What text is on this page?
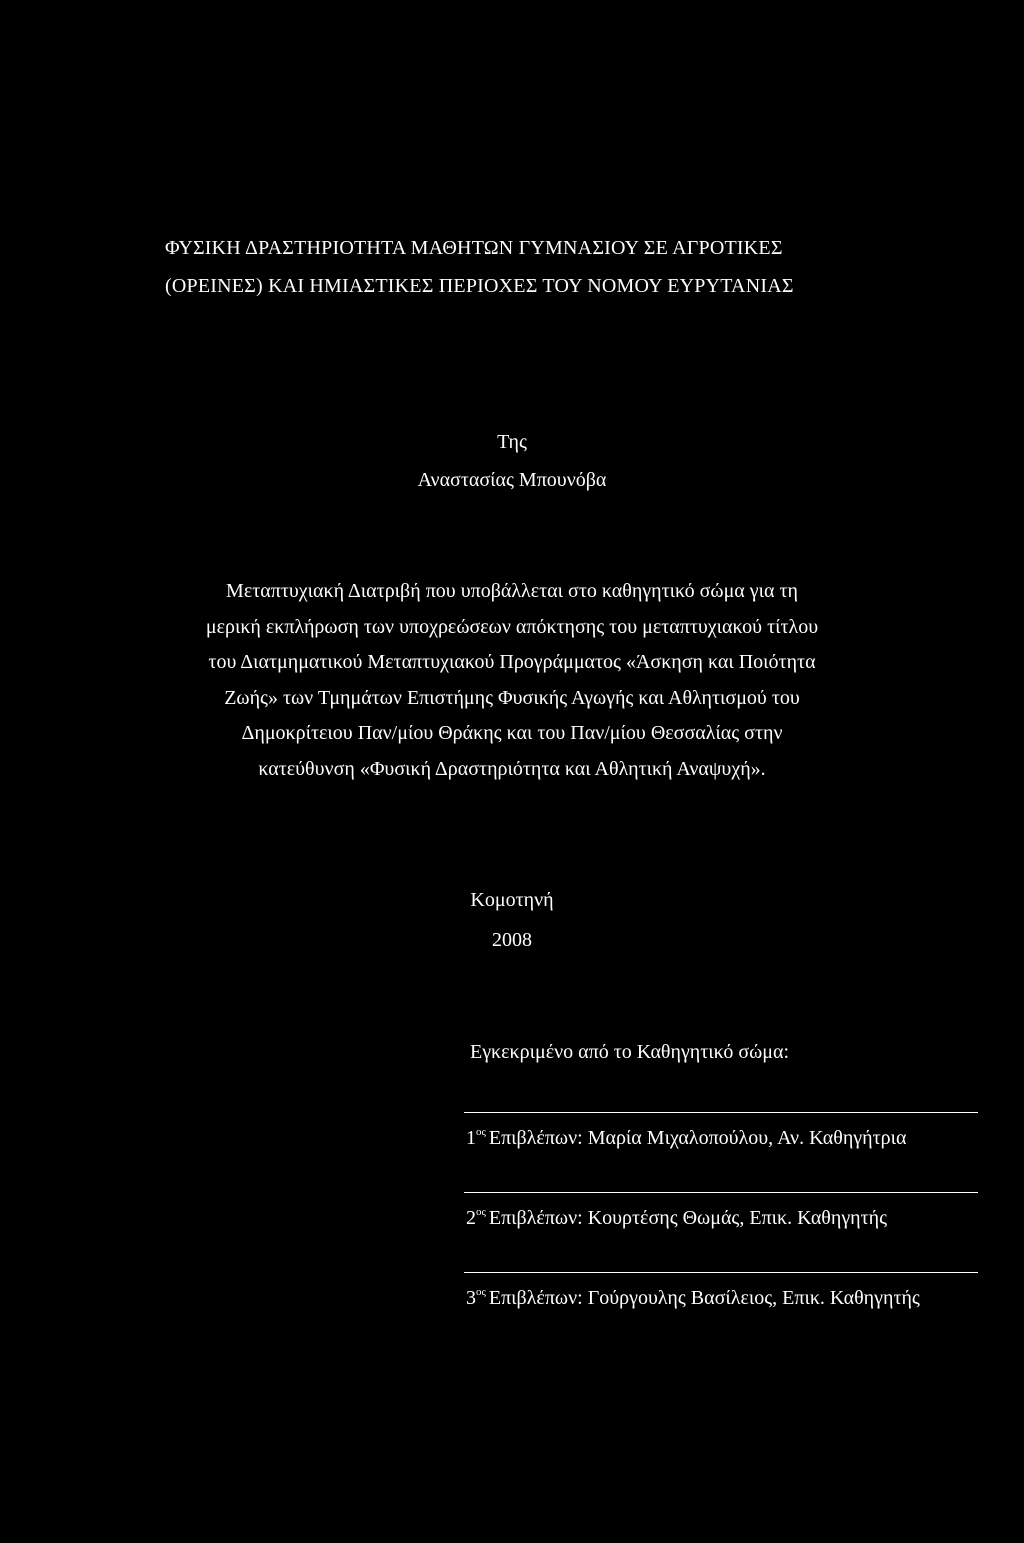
ΦΥΣΙΚΗ ΔΡΑΣΤΗΡΙΟΤΗΤΑ ΜΑΘΗΤΩΝ ΓΥΜΝΑΣΙΟΥ ΣΕ ΑΓΡΟΤΙΚΕΣ
(ΟΡΕΙΝΕΣ) ΚΑΙ ΗΜΙΑΣΤΙΚΕΣ ΠΕΡΙΟΧΕΣ ΤΟΥ ΝΟΜΟΥ ΕΥΡΥΤΑΝΙΑΣ
Της
Αναστασίας Μπουνόβα
Μεταπτυχιακή Διατριβή που υποβάλλεται στο καθηγητικό σώμα για τη
μερική εκπλήρωση των υποχρεώσεων απόκτησης του μεταπτυχιακού τίτλου
του Διατμηματικού Μεταπτυχιακού Προγράμματος «Άσκηση και Ποιότητα
Ζωής» των Τμημάτων Επιστήμης Φυσικής Αγωγής και Αθλητισμού του
Δημοκρίτειου Παν/μίου Θράκης και του Παν/μίου Θεσσαλίας στην
κατεύθυνση «Φυσική Δραστηριότητα και Αθλητική Αναψυχή».
Κομοτηνή
2008
Εγκεκριμένο από το Καθηγητικό σώμα:
$1^{o\varsigma}$ Επιβλέπων: Μαρία Μιχαλοπούλου, Αν. Καθηγήτρια
$2^{o\varsigma}$ Επιβλέπων: Κουρτέσης Θωμάς, Επικ. Καθηγητής
$3^{o\varsigma}$ Επιβλέπων: Γούργουλης Βασίλειος, Επικ. Καθηγητής
